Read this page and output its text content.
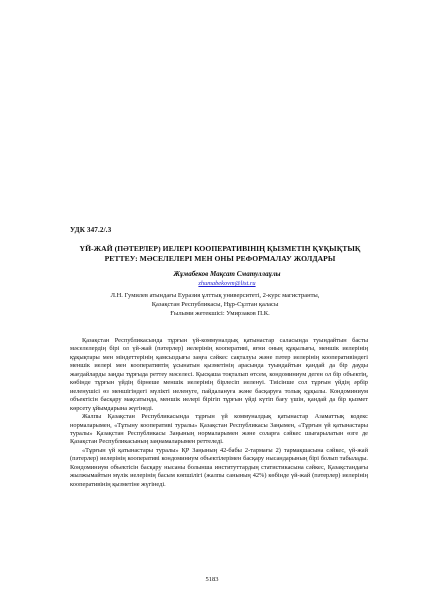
УДК 347.2/.3
ҮЙ-ЖАЙ (ПӘТЕРЛЕР) ИЕЛЕРІ КООПЕРАТИВІНІҢ ҚЫЗМЕТІН ҚҰҚЫҚТЫҚ РЕТТЕУ: МӘСЕЛЕЛЕРІ МЕН ОНЫ РЕФОРМАЛАУ ЖОЛДАРЫ
Жұмабеков Мақсат Сматуллаұлы
zhumabekovm@list.ru
Л.Н. Гумилев атындағы Еуразия ұлттық университеті, 2-курс магистранты, Қазақстан Республикасы, Нұр-Сұлтан қаласы
Ғылыми жетекшісі: Умирзаков П.К.

Қазақстан Республикасында тұрғын үй-коммуналдық қатынастар саласында туындайтын басты мәселелердің бірі ол үй-жай (пәтерлер) иелерінің кооперативі, яғни оның құқылығы, меншік иелерінің құқықтары мен міндеттерінің қамсыздығы заңға сәйкес сақталуы және пәтер иелерінің кооперативіндегі меншік иелері мен кооперативтің ұсынатын қызметінің арасында туындайтын қандай да бір дауды жағдайларды заңды тұрғыда реттеу мәселесі. Қысқаша тоқталып өтсем, кондоминиум деген ол бір объектің, көбінде тұрғын үйдің бірнеше меншік иелерінің бірлесіп иеленуі. Тиісінше сол тұрғын үйдің әрбір иеленушісі өз меншігіндегі мүлікті иеленуге, пайдалануға және басқаруға толық құқылы. Кондоминиум объектісін басқару мақсатында, меншік иелері бірігіп тұрғын үйді күтіп бағу үшін, қандай да бір қызмет көрсету ұйымдарына жүгінеді.

Жалпы Қазақстан Республикасында тұрғын үй коммуналдық қатынастар Азаматтық кодекс нормаларымен, «Тұтыну кооперативі туралы» Қазақстан Республикасы Заңымен, «Тұрғын үй қатынастары туралы» Қазақстан Республикасы Заңының нормаларымен және соларға сәйкес шығарылатын өзге де Қазақстан Республикасының заңнамаларымен реттеледі.

«Тұрғын үй қатынастары туралы» ҚР Заңының 42-бабы 2-тармағы 2) тармақшасына сәйкес, үй-жай (пәтерлер) иелерінің кооперативі кондоминиум объектілерімен басқару нысандарының бірі болып табылады. Кондоминиум объектісін басқару нысаны болынша институттардың статистикасына сәйкес, Қазақстандағы жылжымайтын мүлік иелерінің басым көпшілігі (жалпы санының 42%) көбінде үй-жай (пәтерлер) иелерінің кооперативінің қызметіне жүгінеді.

5183
